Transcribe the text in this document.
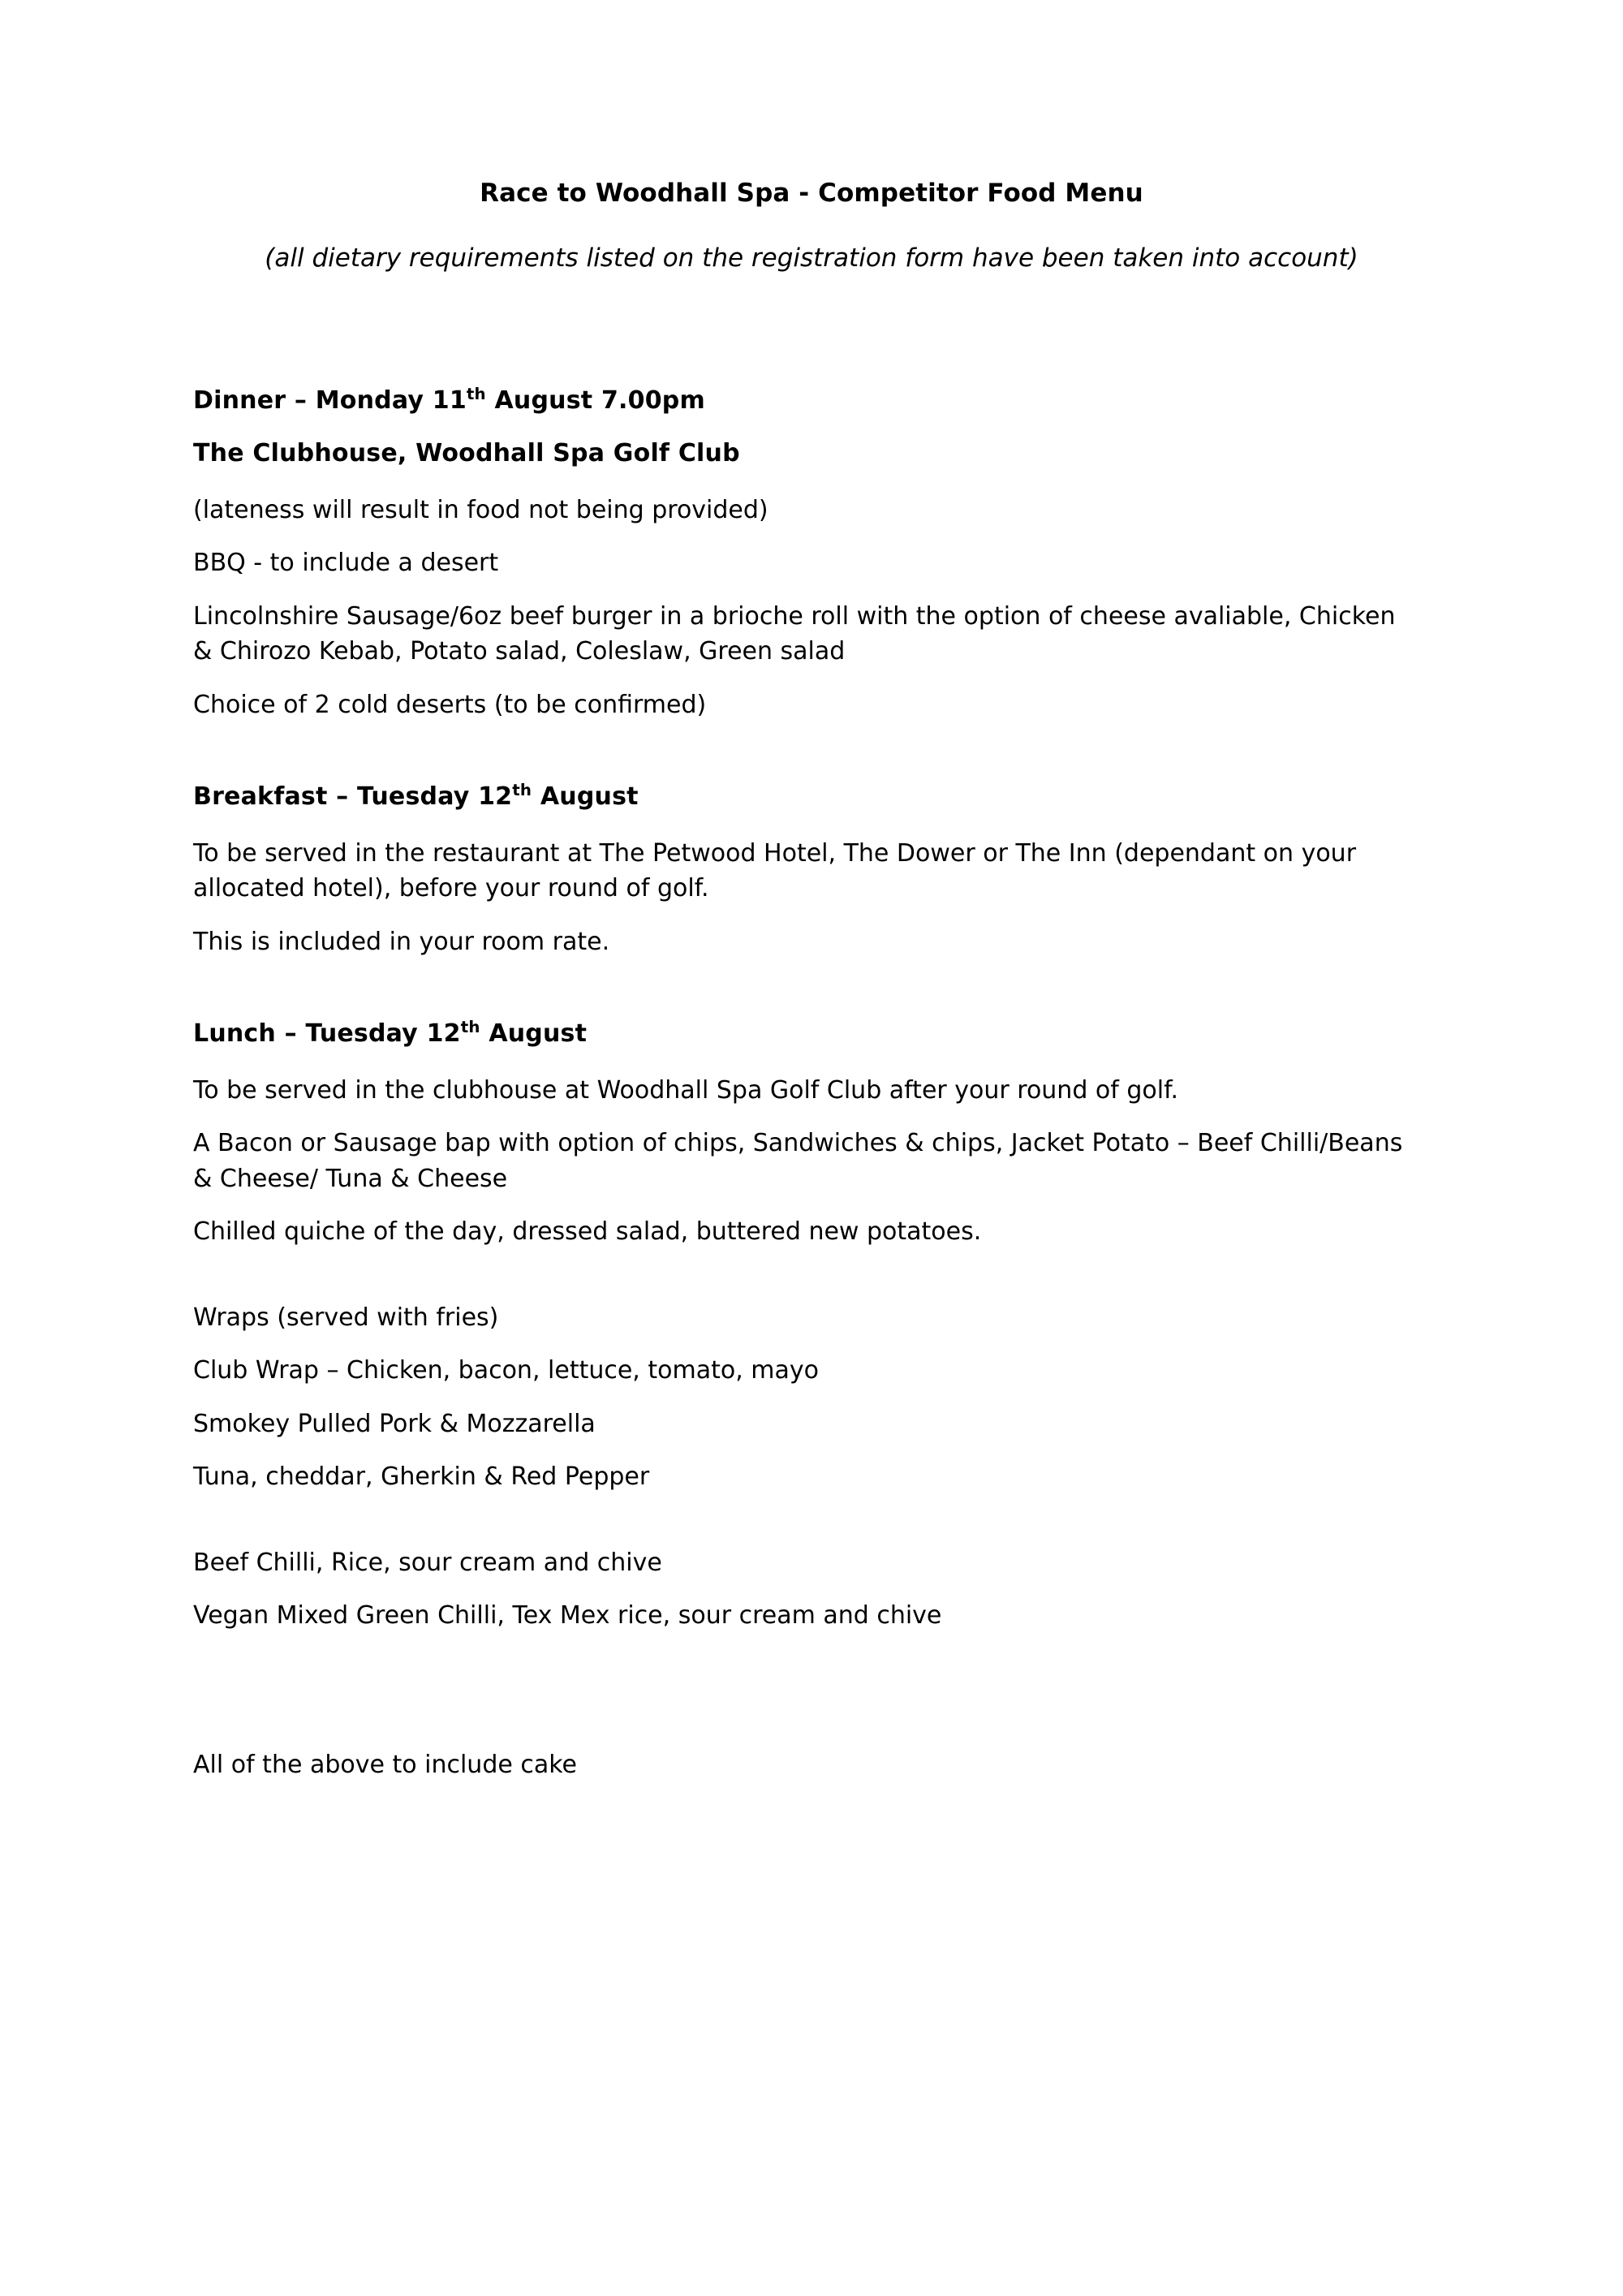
Race to Woodhall Spa - Competitor Food Menu
(all dietary requirements listed on the registration form have been taken into account)
Dinner – Monday 11th August 7.00pm
The Clubhouse, Woodhall Spa Golf Club
(lateness will result in food not being provided)
BBQ - to include a desert
Lincolnshire Sausage/6oz beef burger in a brioche roll with the option of cheese avaliable, Chicken & Chirozo Kebab, Potato salad, Coleslaw, Green salad
Choice of 2 cold deserts (to be confirmed)
Breakfast – Tuesday 12th August
To be served in the restaurant at The Petwood Hotel, The Dower or The Inn (dependant on your allocated hotel), before your round of golf.
This is included in your room rate.
Lunch – Tuesday 12th August
To be served in the clubhouse at Woodhall Spa Golf Club after your round of golf.
A Bacon or Sausage bap with option of chips, Sandwiches & chips, Jacket Potato – Beef Chilli/Beans & Cheese/ Tuna & Cheese
Chilled quiche of the day, dressed salad, buttered new potatoes.
Wraps (served with fries)
Club Wrap – Chicken, bacon, lettuce, tomato, mayo
Smokey Pulled Pork & Mozzarella
Tuna, cheddar, Gherkin & Red Pepper
Beef Chilli, Rice, sour cream and chive
Vegan Mixed Green Chilli, Tex Mex rice, sour cream and chive
All of the above to include cake
